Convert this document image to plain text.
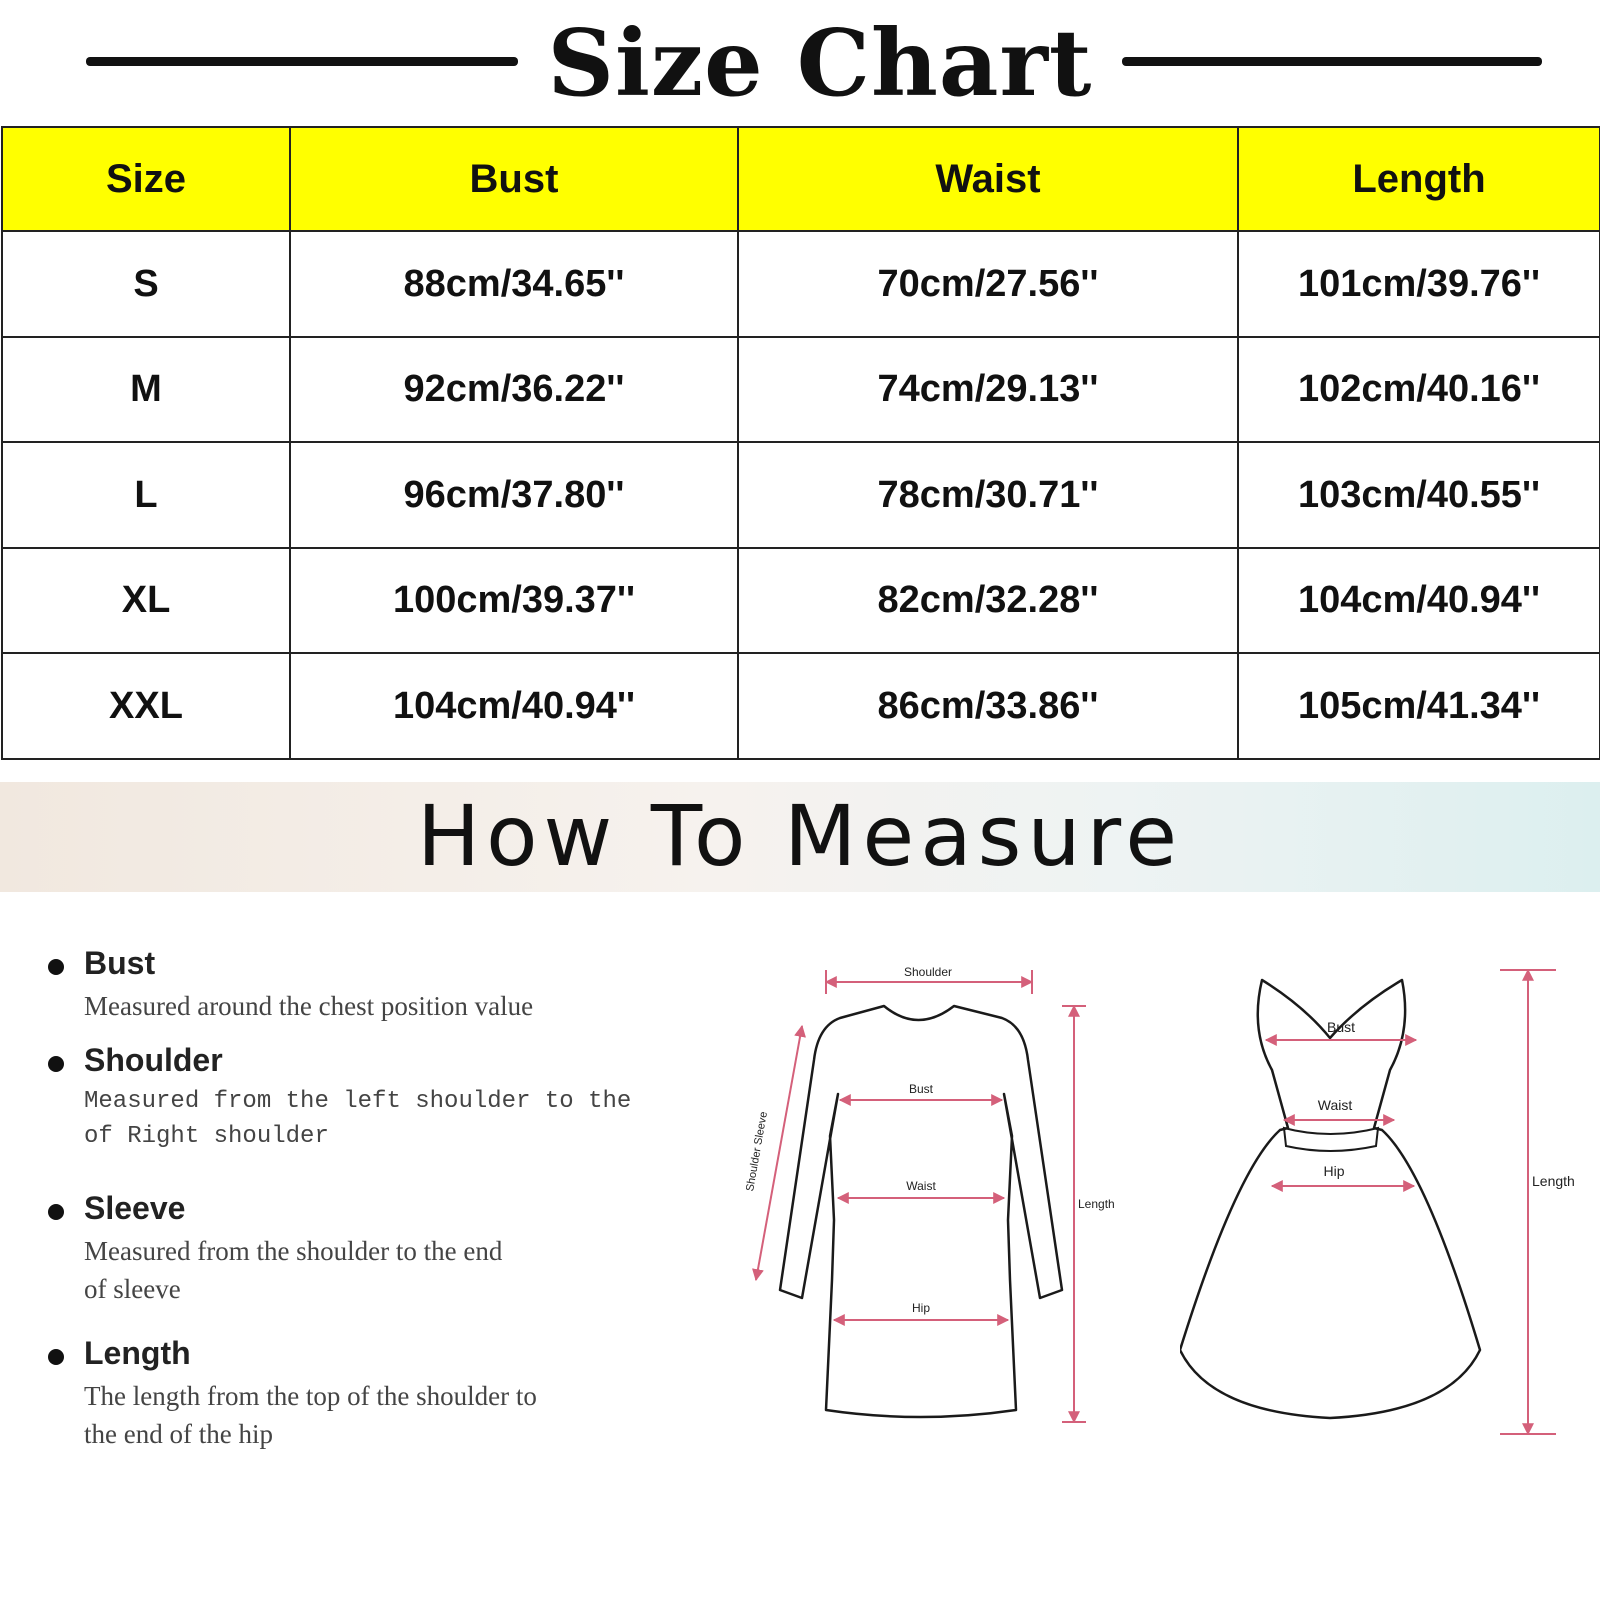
Size Chart
Size	Bust	Waist	Length
S	88cm/34.65''	70cm/27.56''	101cm/39.76''
M	92cm/36.22''	74cm/29.13''	102cm/40.16''
L	96cm/37.80''	78cm/30.71''	103cm/40.55''
XL	100cm/39.37''	82cm/32.28''	104cm/40.94''
XXL	104cm/40.94''	86cm/33.86''	105cm/41.34''
How To Measure
Bust
Measured around the chest position value
Shoulder
Measured from the left shoulder to the
of Right shoulder
Sleeve
Measured from the shoulder to the end
of sleeve
Length
The length from the top of the shoulder to
the end of the hip
Shoulder
Shoulder Sleeve
Bust
Waist
Hip
Length
Bust
Waist
Hip
Length
